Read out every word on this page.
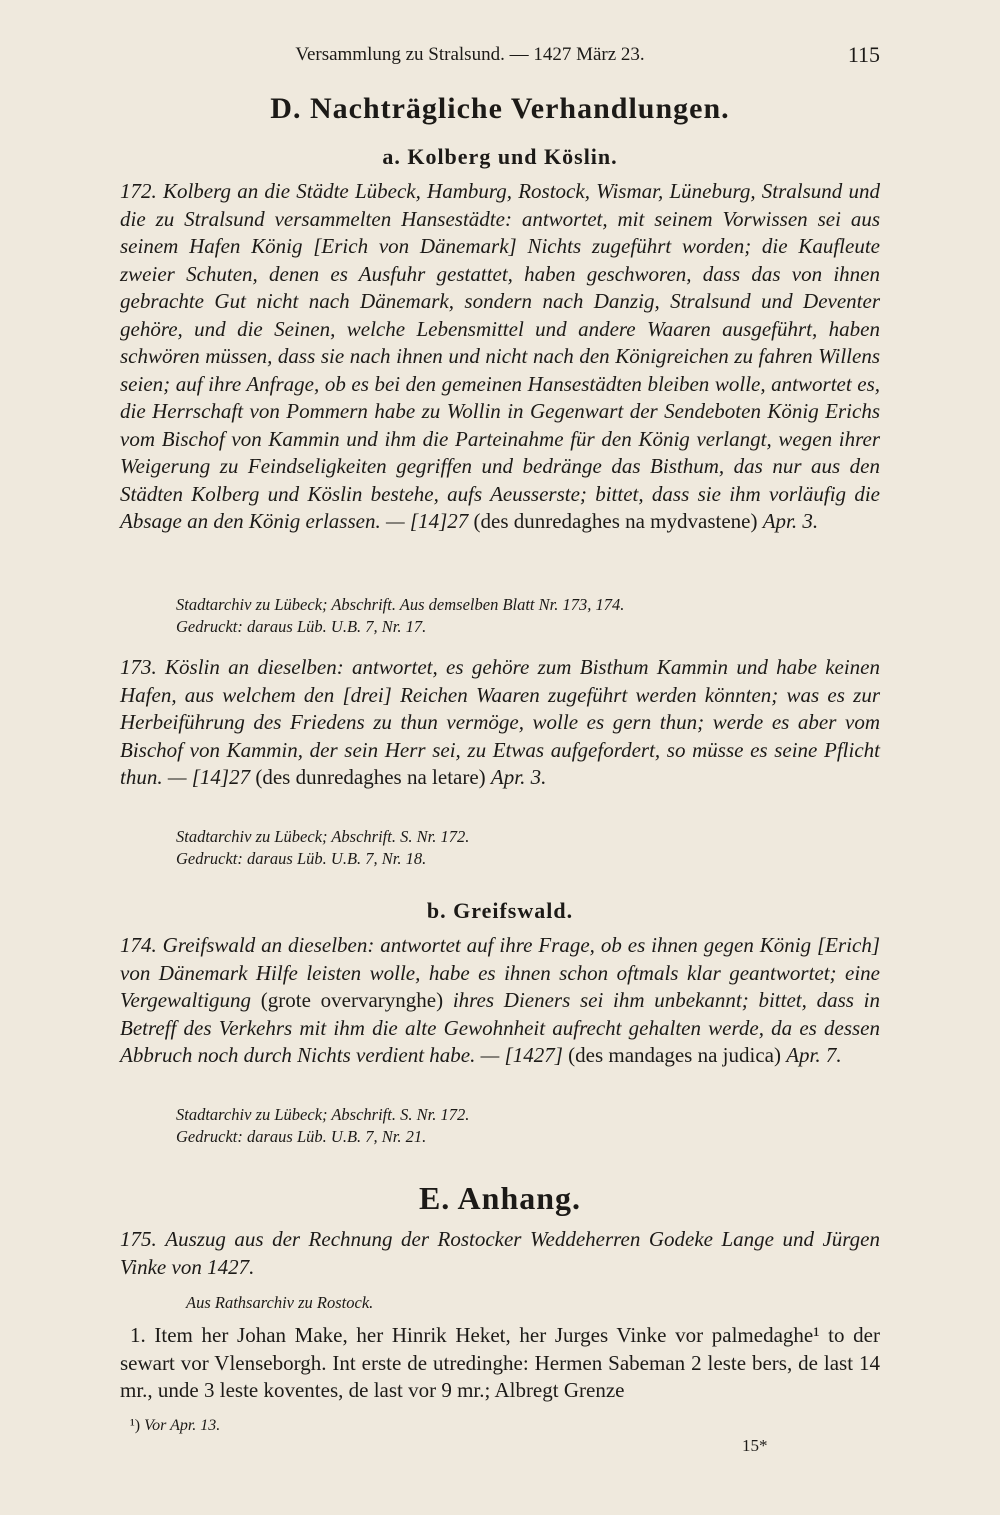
Versammlung zu Stralsund. — 1427 März 23.	115
D. Nachträgliche Verhandlungen.
a. Kolberg und Köslin.
172. Kolberg an die Städte Lübeck, Hamburg, Rostock, Wismar, Lüneburg, Stralsund und die zu Stralsund versammelten Hansestädte: antwortet, mit seinem Vorwissen sei aus seinem Hafen König [Erich von Dänemark] Nichts zugeführt worden; die Kaufleute zweier Schuten, denen es Ausfuhr gestattet, haben geschworen, dass das von ihnen gebrachte Gut nicht nach Dänemark, sondern nach Danzig, Stralsund und Deventer gehöre, und die Seinen, welche Lebensmittel und andere Waaren ausgeführt, haben schwören müssen, dass sie nach ihnen und nicht nach den Königreichen zu fahren Willens seien; auf ihre Anfrage, ob es bei den gemeinen Hansestädten bleiben wolle, antwortet es, die Herrschaft von Pommern habe zu Wollin in Gegenwart der Sendeboten König Erichs vom Bischof von Kammin und ihm die Parteinahme für den König verlangt, wegen ihrer Weigerung zu Feindseligkeiten gegriffen und bedränge das Bisthum, das nur aus den Städten Kolberg und Köslin bestehe, aufs Aeusserste; bittet, dass sie ihm vorläufig die Absage an den König erlassen. — [14]27 (des dunredaghes na mydvastene) Apr. 3.
Stadtarchiv zu Lübeck; Abschrift. Aus demselben Blatt Nr. 173, 174.
Gedruckt: daraus Lüb. U.B. 7, Nr. 17.
173. Köslin an dieselben: antwortet, es gehöre zum Bisthum Kammin und habe keinen Hafen, aus welchem den [drei] Reichen Waaren zugeführt werden könnten; was es zur Herbeiführung des Friedens zu thun vermöge, wolle es gern thun; werde es aber vom Bischof von Kammin, der sein Herr sei, zu Etwas aufgefordert, so müsse es seine Pflicht thun. — [14]27 (des dunredaghes na letare) Apr. 3.
Stadtarchiv zu Lübeck; Abschrift. S. Nr. 172.
Gedruckt: daraus Lüb. U.B. 7, Nr. 18.
b. Greifswald.
174. Greifswald an dieselben: antwortet auf ihre Frage, ob es ihnen gegen König [Erich] von Dänemark Hilfe leisten wolle, habe es ihnen schon oftmals klar geantwortet; eine Vergewaltigung (grote overvarynghe) ihres Dieners sei ihm unbekannt; bittet, dass in Betreff des Verkehrs mit ihm die alte Gewohnheit aufrecht gehalten werde, da es dessen Abbruch noch durch Nichts verdient habe. — [1427] (des mandages na judica) Apr. 7.
Stadtarchiv zu Lübeck; Abschrift. S. Nr. 172.
Gedruckt: daraus Lüb. U.B. 7, Nr. 21.
E. Anhang.
175. Auszug aus der Rechnung der Rostocker Weddeherren Godeke Lange und Jürgen Vinke von 1427.
Aus Rathsarchiv zu Rostock.
1. Item her Johan Make, her Hinrik Heket, her Jurges Vinke vor palmedaghe¹ to der sewart vor Vlenseborgh. Int erste de utredinghe: Hermen Sabeman 2 leste bers, de last 14 mr., unde 3 leste koventes, de last vor 9 mr.; Albregt Grenze
¹) Vor Apr. 13.
15*
